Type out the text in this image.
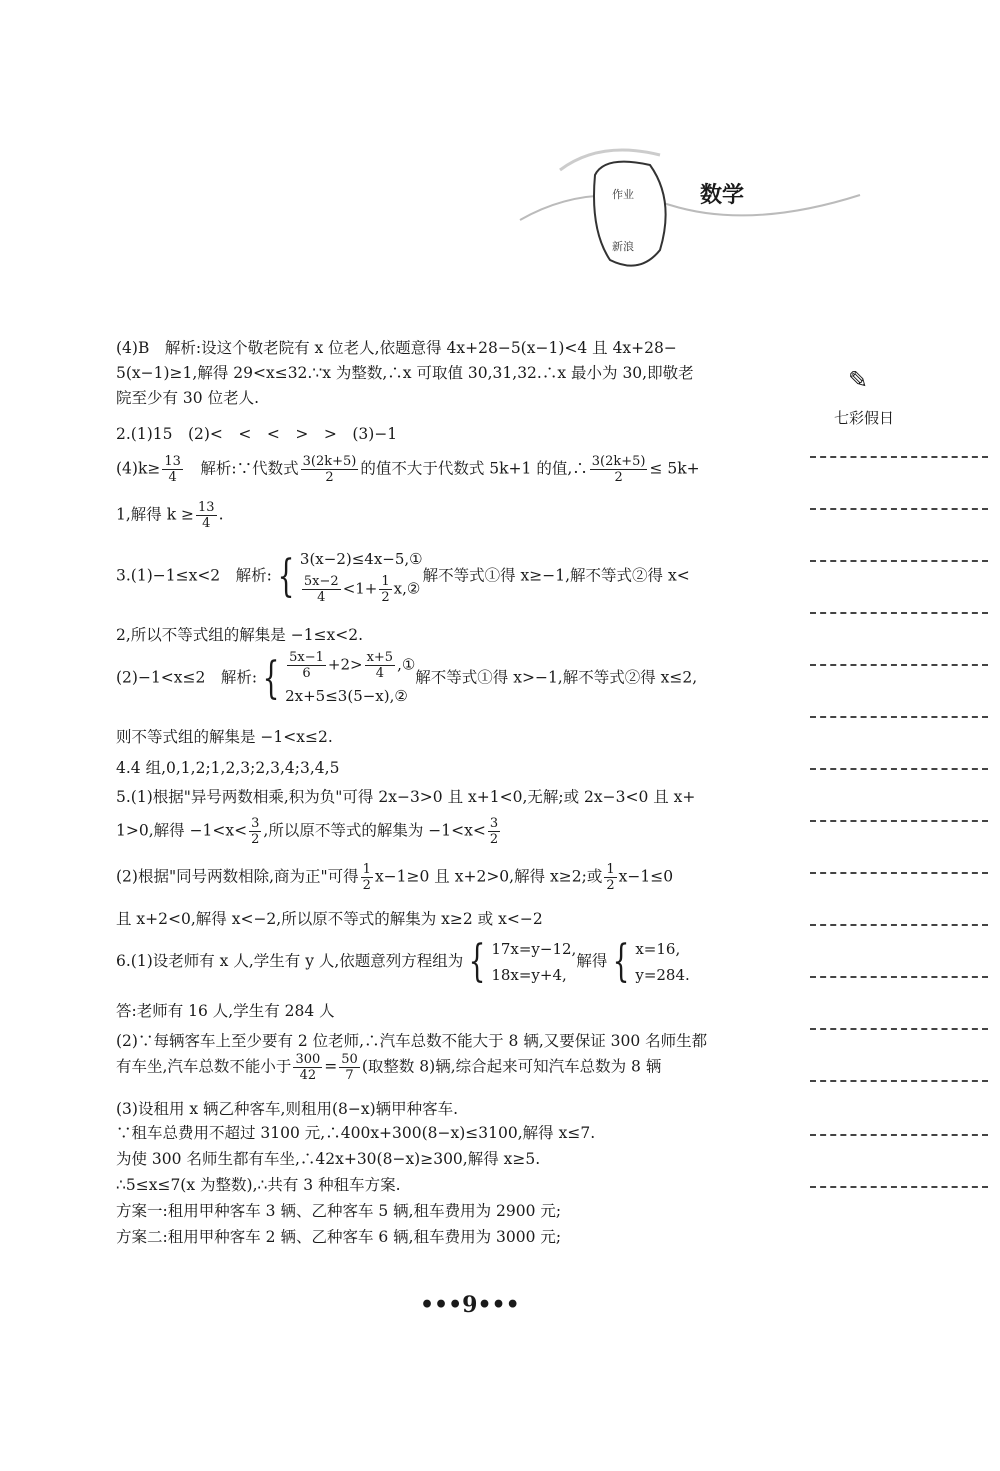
作业
新浪
数学
✎
七彩假日
(4)B　解析:设这个敬老院有 x 位老人,依题意得 4x+28−5(x−1)<4 且 4x+28−
5(x−1)≥1,解得 29<x≤32.∵x 为整数,∴x 可取值 30,31,32.∴x 最小为 30,即敬老
院至少有 30 位老人.
2.(1)15　(2)<　<　<　>　>　(3)−1
$(4)k\ge \frac{13}{4}$ 　解析:∵代数式 $\frac{3(2k+5)}{2}$ 的值不大于代数式 5k+1 的值,∴ $\frac{3(2k+5)}{2} \le 5k+$
1,解得 $k \ge \frac{13}{4}$ .
3.(1)−1≤x<2　解析: { 3(x−2)≤4x−5,①
$\frac{5x-2}{4} <1+ \frac{1}{2}$ x,②
解不等式①得 x≥−1,解不等式②得 x<
2,所以不等式组的解集是 −1≤x<2.
(2)−1<x≤2　解析: { $\frac{5x-1}{6} +2> \frac{x+5}{4}$ ,①
2x+5≤3(5−x),②
解不等式①得 x>−1,解不等式②得 x≤2,
则不等式组的解集是 −1<x≤2.
4.4 组,0,1,2;1,2,3;2,3,4;3,4,5
5.(1)根据"异号两数相乘,积为负"可得 2x−3>0 且 x+1<0,无解;或 2x−3<0 且 x+
1>0,解得 $-1<x< \frac{3}{2}$ ,所以原不等式的解集为 $-1<x< \frac{3}{2}$
(2)根据"同号两数相除,商为正"可得 $\frac{1}{2} x-1\ge 0$ 且 x+2>0,解得 x≥2;或 $\frac{1}{2} x-1\le 0$
且 x+2<0,解得 x<−2,所以原不等式的解集为 x≥2 或 x<−2
6.(1)设老师有 x 人,学生有 y 人,依题意列方程组为 { 17x=y−12,
18x=y+4,
解得 { x=16,
y=284.
答:老师有 16 人,学生有 284 人
(2)∵每辆客车上至少要有 2 位老师,∴汽车总数不能大于 8 辆,又要保证 300 名师生都
有车坐,汽车总数不能小于 $\frac{300}{42} = \frac{50}{7}$ (取整数 8)辆,综合起来可知汽车总数为 8 辆
(3)设租用 x 辆乙种客车,则租用(8−x)辆甲种客车.
∵租车总费用不超过 3100 元,∴400x+300(8−x)≤3100,解得 x≤7.
为使 300 名师生都有车坐,∴42x+30(8−x)≥300,解得 x≥5.
∴5≤x≤7(x 为整数),∴共有 3 种租车方案.
方案一:租用甲种客车 3 辆、乙种客车 5 辆,租车费用为 2900 元;
方案二:租用甲种客车 2 辆、乙种客车 6 辆,租车费用为 3000 元;
•••9•••
